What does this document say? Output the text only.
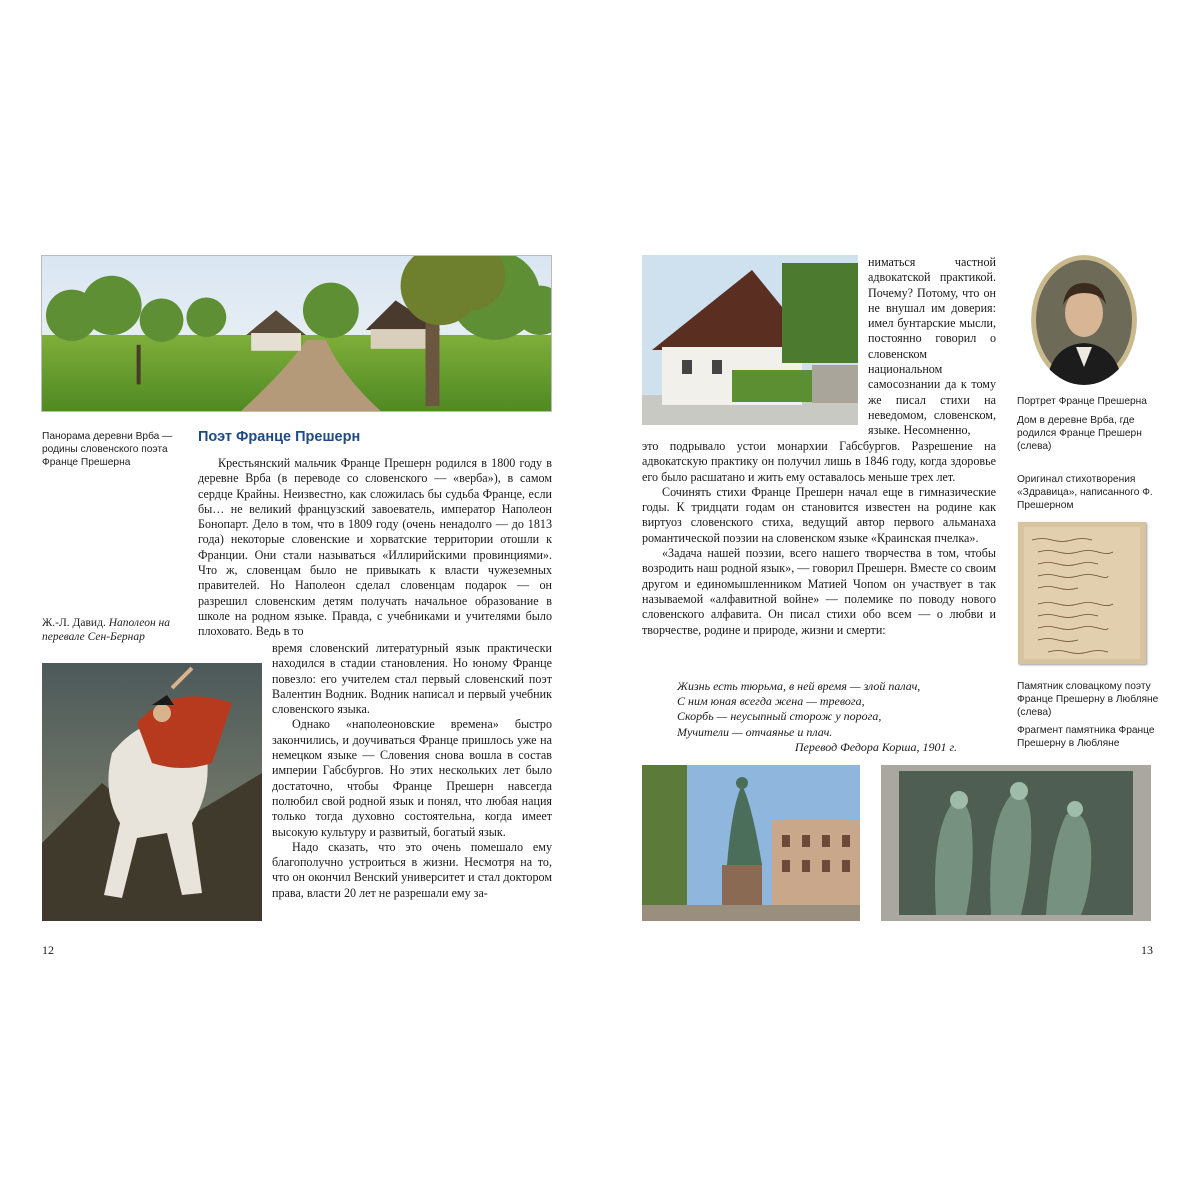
Панорама деревни Врба — родины словенского поэта Франце Прешерна
Поэт Франце Прешерн

Крестьянский мальчик Франце Прешерн родился в 1800 году в деревне Врба (в переводе со словенского — «верба»), в самом сердце Крайны. Неизвестно, как сложилась бы судьба Франце, если бы… не великий французский завоеватель, император Наполеон Бонопарт. Дело в том, что в 1809 году (очень ненадолго — до 1813 года) некоторые словенские и хорватские территории отошли к Франции. Они стали называться «Иллирийскими провинциями». Что ж, словенцам было не привыкать к власти чужеземных правителей. Но Наполеон сделал словенцам подарок — он разрешил словенским детям получать начальное образование в школе на родном языке. Правда, с учебниками и учителями было плоховато. Ведь в то

Ж.-Л. Давид. Наполеон на перевале Сен-Бернар

время словенский литературный язык практически находился в стадии становления. Но юному Франце повезло: его учителем стал первый словенский поэт Валентин Водник. Водник написал и первый учебник словенского языка.

Однако «наполеоновские времена» быстро закончились, и доучиваться Франце пришлось уже на немецком языке — Словения снова вошла в состав империи Габсбургов. Но этих нескольких лет было достаточно, чтобы Франце Прешерн навсегда полюбил свой родной язык и понял, что любая нация только тогда духовно состоятельна, когда имеет высокую культуру и развитый, богатый язык.

Надо сказать, что это очень помешало ему благополучно устроиться в жизни. Несмотря на то, что он окончил Венский университет и стал доктором права, власти 20 лет не разрешали ему за-

12

ниматься частной адвокатской практикой. Почему? Потому, что он не внушал им доверия: имел бунтарские мысли, постоянно говорил о словенском национальном самосознании да к тому же писал стихи на неведомом, словенском, языке. Несомненно,

это подрывало устои монархии Габсбургов. Разрешение на адвокатскую практику он получил лишь в 1846 году, когда здоровье его было расшатано и жить ему оставалось меньше трех лет.

Сочинять стихи Франце Прешерн начал еще в гимназические годы. К тридцати годам он становится известен на родине как виртуоз словенского стиха, ведущий автор первого альманаха романтической поэзии на словенском языке «Краинская пчелка».

«Задача нашей поэзии, всего нашего творчества в том, чтобы возродить наш родной язык», — говорил Прешерн. Вместе со своим другом и единомышленником Матией Чопом он участвует в так называемой «алфавитной войне» — полемике по поводу нового словенского алфавита. Он писал стихи обо всем — о любви и творчестве, родине и природе, жизни и смерти:

Жизнь есть тюрьма, в ней время — злой палач,
С ним юная всегда жена — тревога,
Скорбь — неусыпный сторож у порога,
Мучители — отчаянье и плач.
Перевод Федора Корша, 1901 г.
Портрет Франце Прешерна
Дом в деревне Врба, где родился Франце Прешерн (слева)
Оригинал стихотворения «Здравица», написанного Ф. Прешерном
Памятник словацкому поэту Франце Прешерну в Любляне (слева)
Фрагмент памятника Франце Прешерну в Любляне
13
